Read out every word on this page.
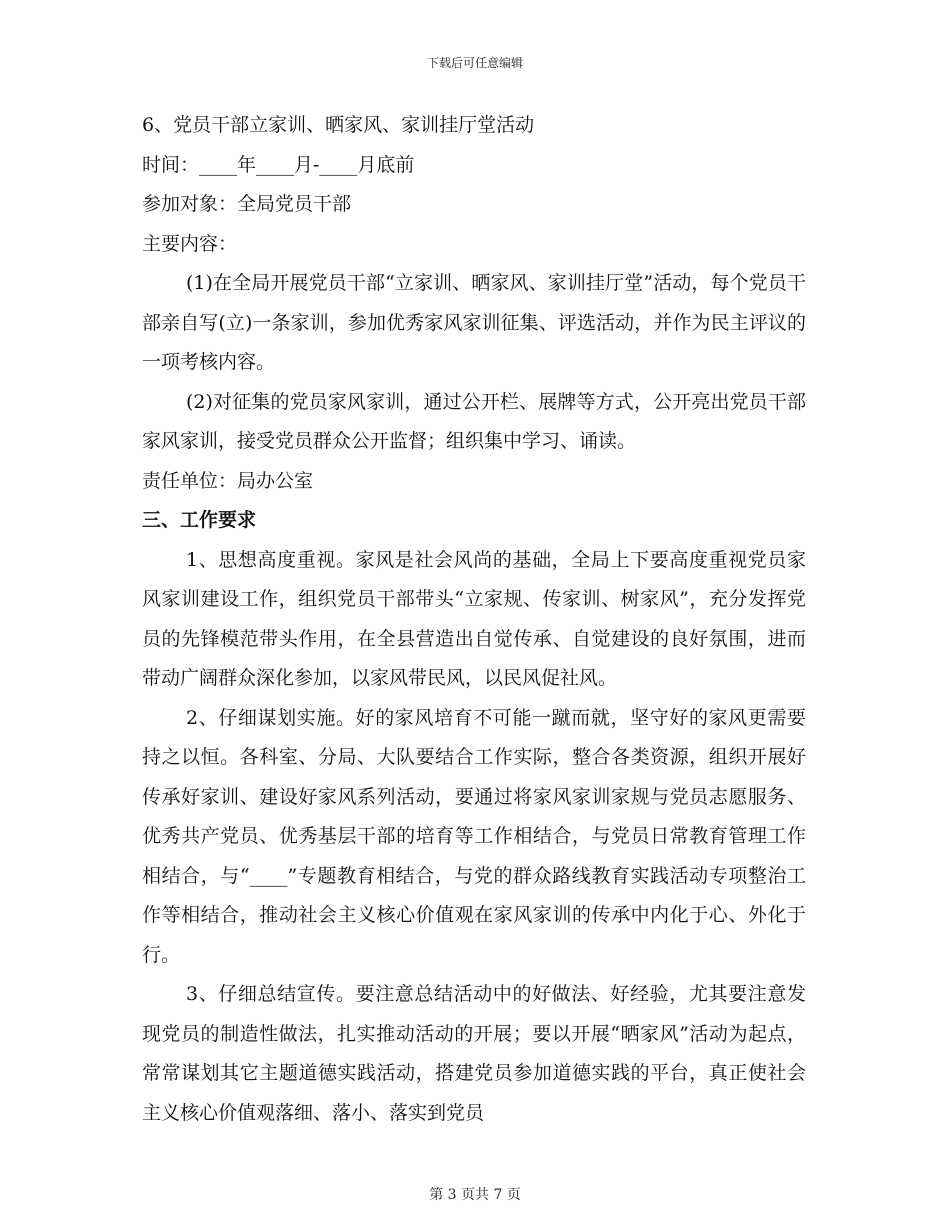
下载后可任意编辑

6、党员干部立家训、晒家风、家训挂厅堂活动

时间：____年____月-____月底前

参加对象：全局党员干部

主要内容：

(1)在全局开展党员干部“立家训、晒家风、家训挂厅堂”活动，每个党员干部亲自写(立)一条家训，参加优秀家风家训征集、评选活动，并作为民主评议的一项考核内容。

(2)对征集的党员家风家训，通过公开栏、展牌等方式，公开亮出党员干部家风家训，接受党员群众公开监督；组织集中学习、诵读。

责任单位：局办公室

三、工作要求

1、思想高度重视。家风是社会风尚的基础，全局上下要高度重视党员家风家训建设工作，组织党员干部带头“立家规、传家训、树家风”，充分发挥党员的先锋模范带头作用，在全县营造出自觉传承、自觉建设的良好氛围，进而带动广阔群众深化参加，以家风带民风，以民风促社风。

2、仔细谋划实施。好的家风培育不可能一蹴而就，坚守好的家风更需要持之以恒。各科室、分局、大队要结合工作实际，整合各类资源，组织开展好传承好家训、建设好家风系列活动，要通过将家风家训家规与党员志愿服务、优秀共产党员、优秀基层干部的培育等工作相结合，与党员日常教育管理工作相结合，与“____”专题教育相结合，与党的群众路线教育实践活动专项整治工作等相结合，推动社会主义核心价值观在家风家训的传承中内化于心、外化于行。

3、仔细总结宣传。要注意总结活动中的好做法、好经验，尤其要注意发现党员的制造性做法，扎实推动活动的开展；要以开展“晒家风”活动为起点，常常谋划其它主题道德实践活动，搭建党员参加道德实践的平台，真正使社会主义核心价值观落细、落小、落实到党员

第 3 页共 7 页
